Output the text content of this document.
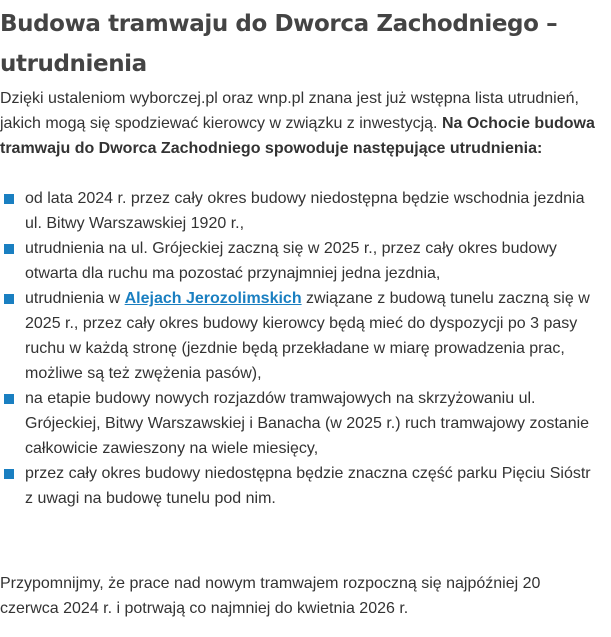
Budowa tramwaju do Dworca Zachodniego – utrudnienia

Dzięki ustaleniom wyborczej.pl oraz wnp.pl znana jest już wstępna lista utrudnień, jakich mogą się spodziewać kierowcy w związku z inwestycją. Na Ochocie budowa tramwaju do Dworca Zachodniego spowoduje następujące utrudnienia:

od lata 2024 r. przez cały okres budowy niedostępna będzie wschodnia jezdnia ul. Bitwy Warszawskiej 1920 r.,
utrudnienia na ul. Grójeckiej zaczną się w 2025 r., przez cały okres budowy otwarta dla ruchu ma pozostać przynajmniej jedna jezdnia,
utrudnienia w Alejach Jerozolimskich związane z budową tunelu zaczną się w 2025 r., przez cały okres budowy kierowcy będą mieć do dyspozycji po 3 pasy ruchu w każdą stronę (jezdnie będą przekładane w miarę prowadzenia prac, możliwe są też zwężenia pasów),
na etapie budowy nowych rozjazdów tramwajowych na skrzyżowaniu ul. Grójeckiej, Bitwy Warszawskiej i Banacha (w 2025 r.) ruch tramwajowy zostanie całkowicie zawieszony na wiele miesięcy,
przez cały okres budowy niedostępna będzie znaczna część parku Pięciu Sióstr z uwagi na budowę tunelu pod nim.

Przypomnijmy, że prace nad nowym tramwajem rozpoczną się najpóźniej 20 czerwca 2024 r. i potrwają co najmniej do kwietnia 2026 r.
